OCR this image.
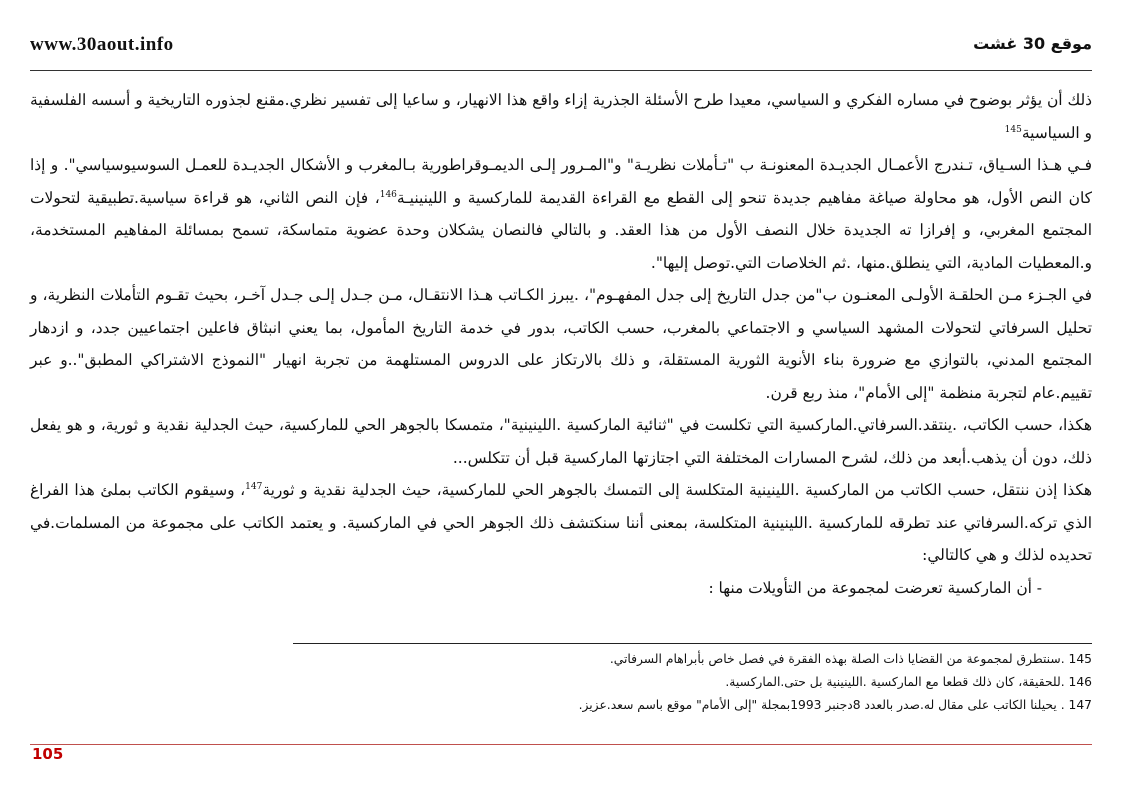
www.30aout.info	موقع 30 غشت

ذلك أن يؤثر بوضوح في مساره الفكري و السياسي، معيدا طرح الأسئلة الجذرية إزاء واقع هذا الانهيار، و ساعيا إلى تفسير نظري.مقنع لجذوره التاريخية و أسسه الفلسفية و السياسية$^{145}$

فـي هـذا السـياق، تـندرج الأعمـال الجديـدة المعنونـة ب "تـأملات نظريـة" و"المـرور إلـى الديمـوقراطورية بـالمغرب و الأشكال الجديـدة للعمـل السوسيوسياسي". و إذا كان النص الأول، هو محاولة صياغة مفاهيم جديدة تنحو إلى القطع مع القراءة القديمة للماركسية و اللينينيـة$^{146}$، فإن النص الثاني، هو قراءة سياسية.تطبيقية لتحولات المجتمع المغربي، و إفرازا ته الجديدة خلال النصف الأول من هذا العقد. و بالتالي فالنصان يشكلان وحدة عضوية متماسكة، تسمح بمسائلة المفاهيم المستخدمة، و.المعطيات المادية، التي ينطلق.منها، .ثم الخلاصات التي.توصل إليها".

في الجـزء مـن الحلقـة الأولـى المعنـون ب"من جدل التاريخ إلى جدل المفهـوم"، .يبرز الكـاتب هـذا الانتقـال، مـن جـدل إلـى جـدل آخـر، بحيث تقـوم التأملات النظرية، و تحليل السرفاتي لتحولات المشهد السياسي و الاجتماعي بالمغرب، حسب الكاتب، بدور في خدمة التاريخ المأمول، بما يعني انبثاق فاعلين اجتماعيين جدد، و ازدهار المجتمع المدني، بالتوازي مع ضرورة بناء الأنوية الثورية المستقلة، و ذلك بالارتكاز على الدروس المستلهمة من تجربة انهيار "النموذج الاشتراكي المطبق"..و عبر تقييم.عام لتجربة منظمة "إلى الأمام"، منذ ربع قرن.

هكذا، حسب الكاتب، .ينتقد.السرفاتي.الماركسية التي تكلست في "ثنائية الماركسية .اللينينية"، متمسكا بالجوهر الحي للماركسية، حيث الجدلية نقدية و ثورية، و هو يفعل ذلك، دون أن يذهب.أبعد من ذلك، لشرح المسارات المختلفة التي اجتازتها الماركسية قبل أن تتكلس...

هكذا إذن ننتقل، حسب الكاتب من الماركسية .اللينينية المتكلسة إلى التمسك بالجوهر الحي للماركسية، حيث الجدلية نقدية و ثورية$^{147}$، وسيقوم الكاتب بملئ هذا الفراغ الذي تركه.السرفاتي عند تطرقه للماركسية .اللينينية المتكلسة، بمعنى أننا سنكتشف ذلك الجوهر الحي في الماركسية. و يعتمد الكاتب على مجموعة من المسلمات.في تحديده لذلك و هي كالتالي:

- أن الماركسية تعرضت لمجموعة من التأويلات منها :

145 .سنتطرق لمجموعة من القضايا ذات الصلة بهذه الفقرة في فصل خاص بأبراهام السرفاتي.
146 .للحقيقة، كان ذلك قطعا مع الماركسية .اللينينية بل حتى.الماركسية.
147 . يحيلنا الكاتب على مقال له.صدر بالعدد 8دجنبر 1993بمجلة "إلى الأمام" موقع باسم سعد.عزيز.
105
